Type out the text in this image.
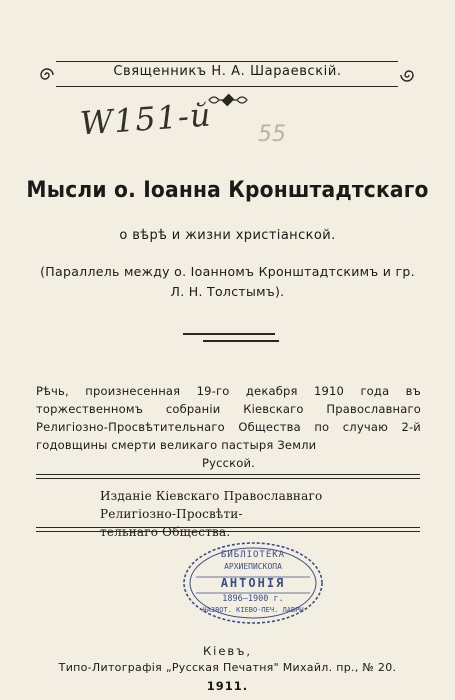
Священникъ Н. А. Шараевскій.
W151-й 55
Мысли о. Іоанна Кронштадтскаго
о вѣрѣ и жизни христіанской.
(Параллель между о. Іоанномъ Кронштадтскимъ и гр.
Л. Н. Толстымъ).
Рѣчь, произнесенная 19-го декабря 1910 года въ торжественномъ собраніи Кіевскаго Православнаго Религіозно-Просвѣтительнаго Общества по случаю 2-й годовщины смерти великаго пастыря Земли
Русской.
Изданіе Кіевскаго Православнаго Религіозно-Просвѣти-
тельнаго Общества.
БИБЛІОТЕКА
АРХИЕПИСКОПА
АНТОНІЯ
1896—1900 г.
НАЗВОТ. КІЕВО-ПЕЧ. ЛАВРЫ
Кіевъ,
Типо-Литографія „Русская Печатня" Михайл. пр., № 20.
1911.
